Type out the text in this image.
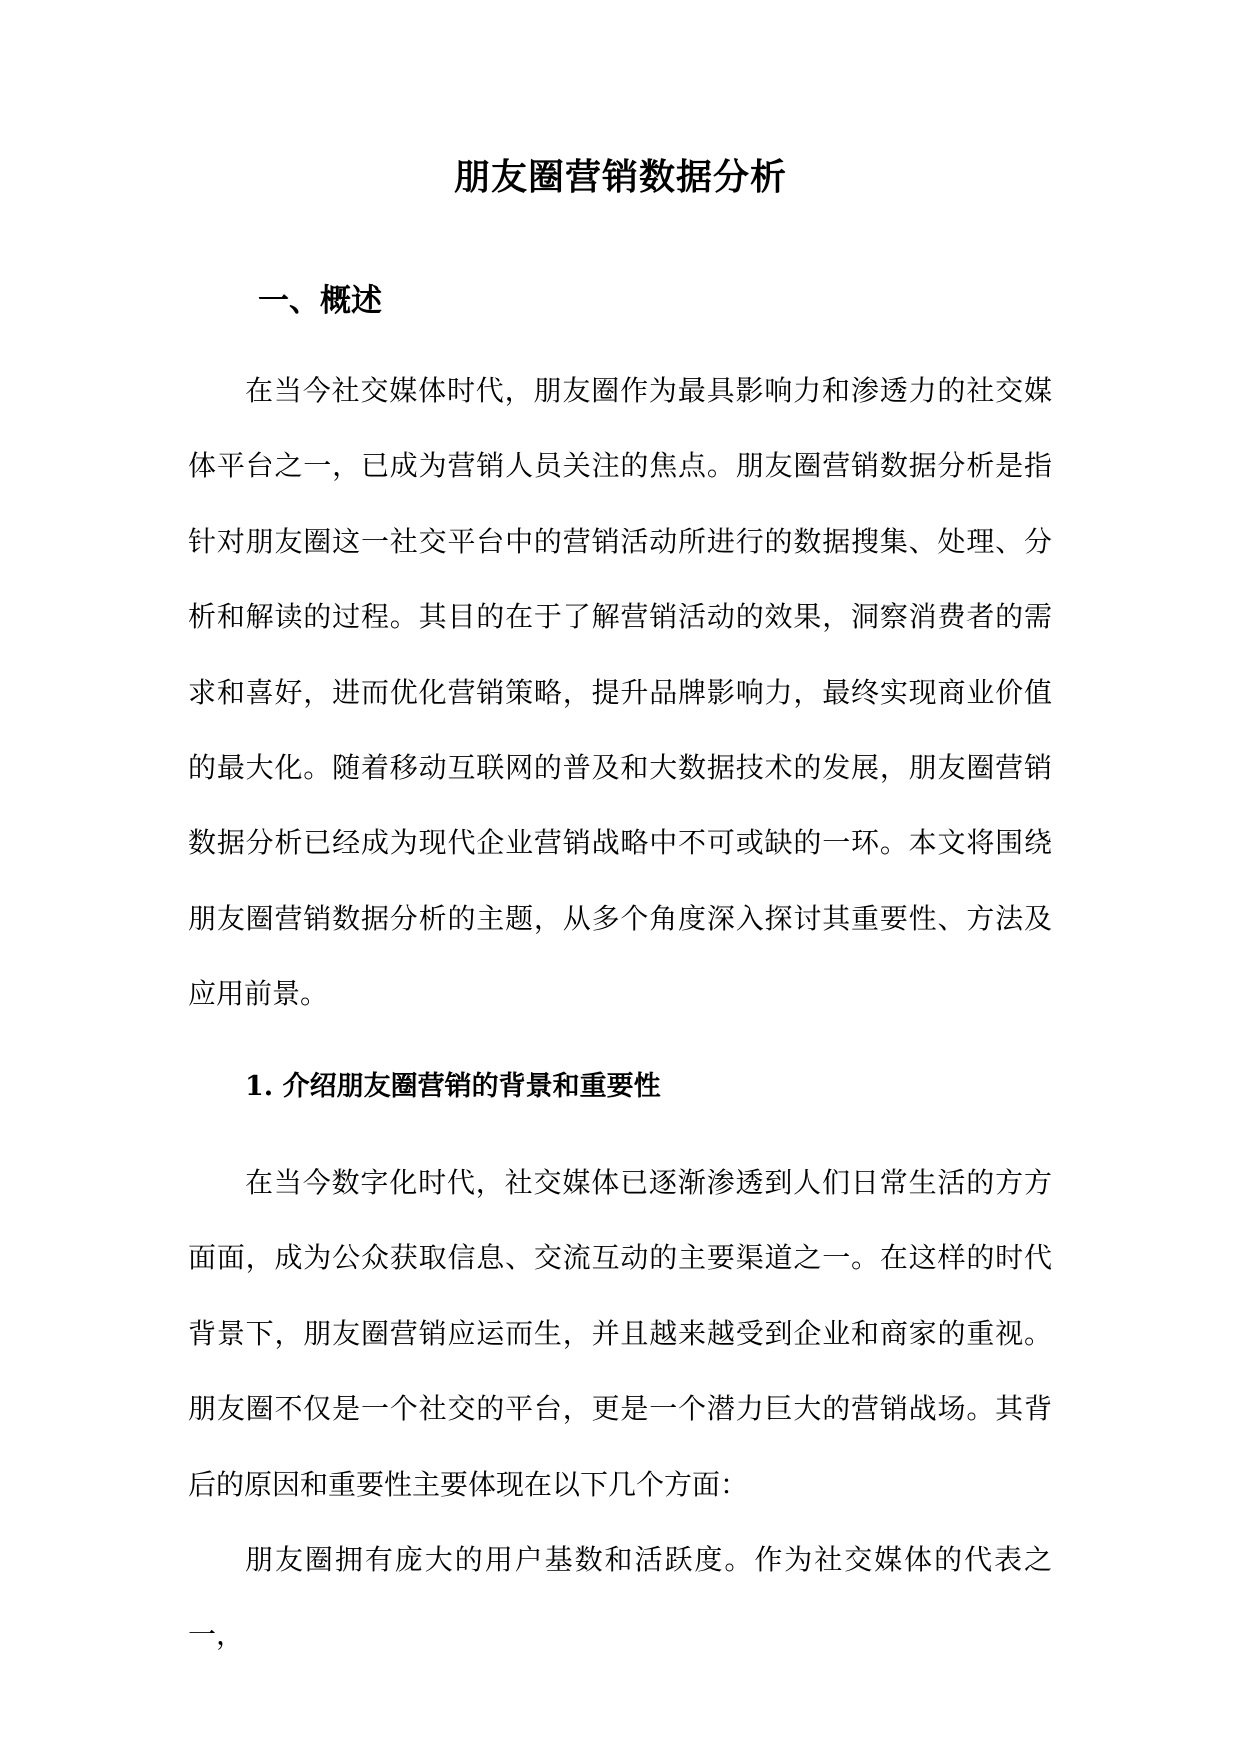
朋友圈营销数据分析
一、概述

在当今社交媒体时代，朋友圈作为最具影响力和渗透力的社交媒体平台之一，已成为营销人员关注的焦点。朋友圈营销数据分析是指针对朋友圈这一社交平台中的营销活动所进行的数据搜集、处理、分析和解读的过程。其目的在于了解营销活动的效果，洞察消费者的需求和喜好，进而优化营销策略，提升品牌影响力，最终实现商业价值的最大化。随着移动互联网的普及和大数据技术的发展，朋友圈营销数据分析已经成为现代企业营销战略中不可或缺的一环。本文将围绕朋友圈营销数据分析的主题，从多个角度深入探讨其重要性、方法及应用前景。

1. 介绍朋友圈营销的背景和重要性

在当今数字化时代，社交媒体已逐渐渗透到人们日常生活的方方面面，成为公众获取信息、交流互动的主要渠道之一。在这样的时代背景下，朋友圈营销应运而生，并且越来越受到企业和商家的重视。朋友圈不仅是一个社交的平台，更是一个潜力巨大的营销战场。其背后的原因和重要性主要体现在以下几个方面：

朋友圈拥有庞大的用户基数和活跃度。作为社交媒体的代表之一，
